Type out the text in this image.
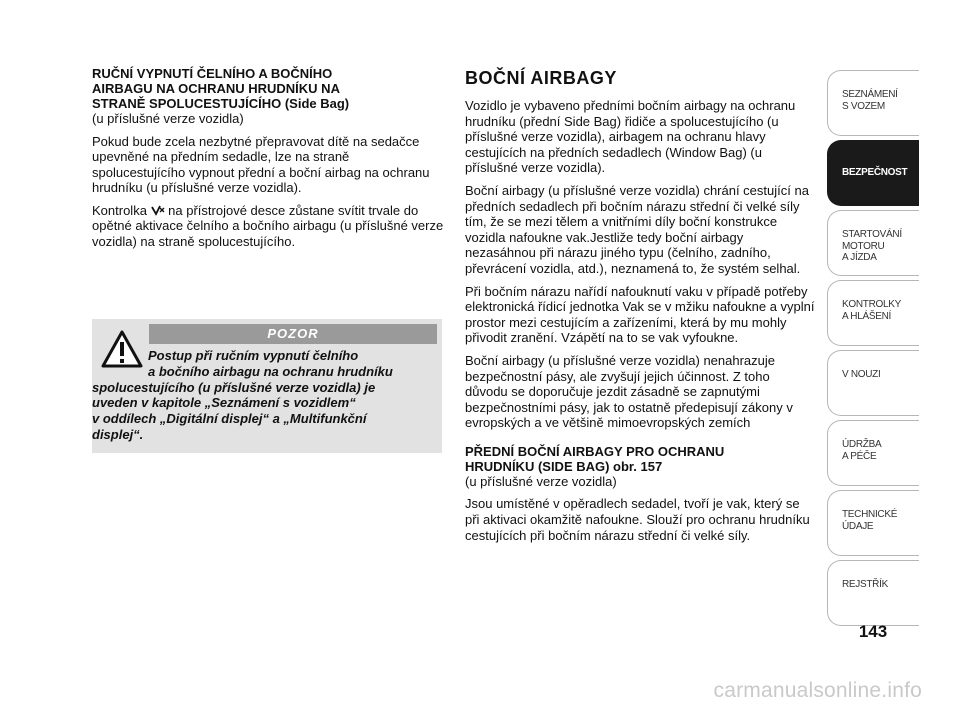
RUČNÍ VYPNUTÍ ČELNÍHO A BOČNÍHO
AIRBAGU NA OCHRANU HRUDNÍKU NA
STRANĚ SPOLUCESTUJÍCÍHO (Side Bag)

(u příslušné verze vozidla)

Pokud bude zcela nezbytné přepravovat dítě na sedačce upevněné na předním sedadle, lze na straně spolucestujícího vypnout přední a boční airbag na ochranu hrudníku (u příslušné verze vozidla).

Kontrolka  na přístrojové desce zůstane svítit trvale do opětné aktivace čelního a bočního airbagu (u příslušné verze vozidla) na straně spolucestujícího.

POZOR
Postup při ručním vypnutí čelního
a bočního airbagu na ochranu hrudníku
spolucestujícího (u příslušné verze vozidla) je
uveden v kapitole „Seznámení s vozidlem“
v oddílech „Digitální displej“ a „Multifunkční
displej“.
BOČNÍ AIRBAGY

Vozidlo je vybaveno předními bočním airbagy na ochranu hrudníku (přední Side Bag) řidiče a spolucestujícího (u příslušné verze vozidla), airbagem na ochranu hlavy cestujících na předních sedadlech (Window Bag) (u příslušné verze vozidla).

Boční airbagy (u příslušné verze vozidla) chrání cestující na předních sedadlech při bočním nárazu střední či velké síly tím, že se mezi tělem a vnitřními díly boční konstrukce vozidla nafoukne vak.Jestliže tedy boční airbagy nezasáhnou při nárazu jiného typu (čelního, zadního, převrácení vozidla, atd.), neznamená to, že systém selhal.

Při bočním nárazu nařídí nafouknutí vaku v případě potřeby elektronická řídicí jednotka Vak se v mžiku nafoukne a vyplní prostor mezi cestujícím a zařízeními, která by mu mohly přivodit zranění. Vzápětí na to se vak vyfoukne.

Boční airbagy (u příslušné verze vozidla) nenahrazuje bezpečnostní pásy, ale zvyšují jejich účinnost. Z toho důvodu se doporučuje jezdit zásadně se zapnutými bezpečnostními pásy, jak to ostatně předepisují zákony v evropských a ve většině mimoevropských zemích

PŘEDNÍ BOČNÍ AIRBAGY PRO OCHRANU
HRUDNÍKU (SIDE BAG) obr. 157

(u příslušné verze vozidla)

Jsou umístěné v opěradlech sedadel, tvoří je vak, který se při aktivaci okamžitě nafoukne. Slouží pro ochranu hrudníku cestujících při bočním nárazu střední či velké síly.

SEZNÁMENÍ
S VOZEM
BEZPEČNOST
STARTOVÁNÍ
MOTORU
A JÍZDA
KONTROLKY
A HLÁŠENÍ
V NOUZI
ÚDRŽBA
A PÉČE
TECHNICKÉ
ÚDAJE
REJSTŘÍK
143
carmanualsonline.info
